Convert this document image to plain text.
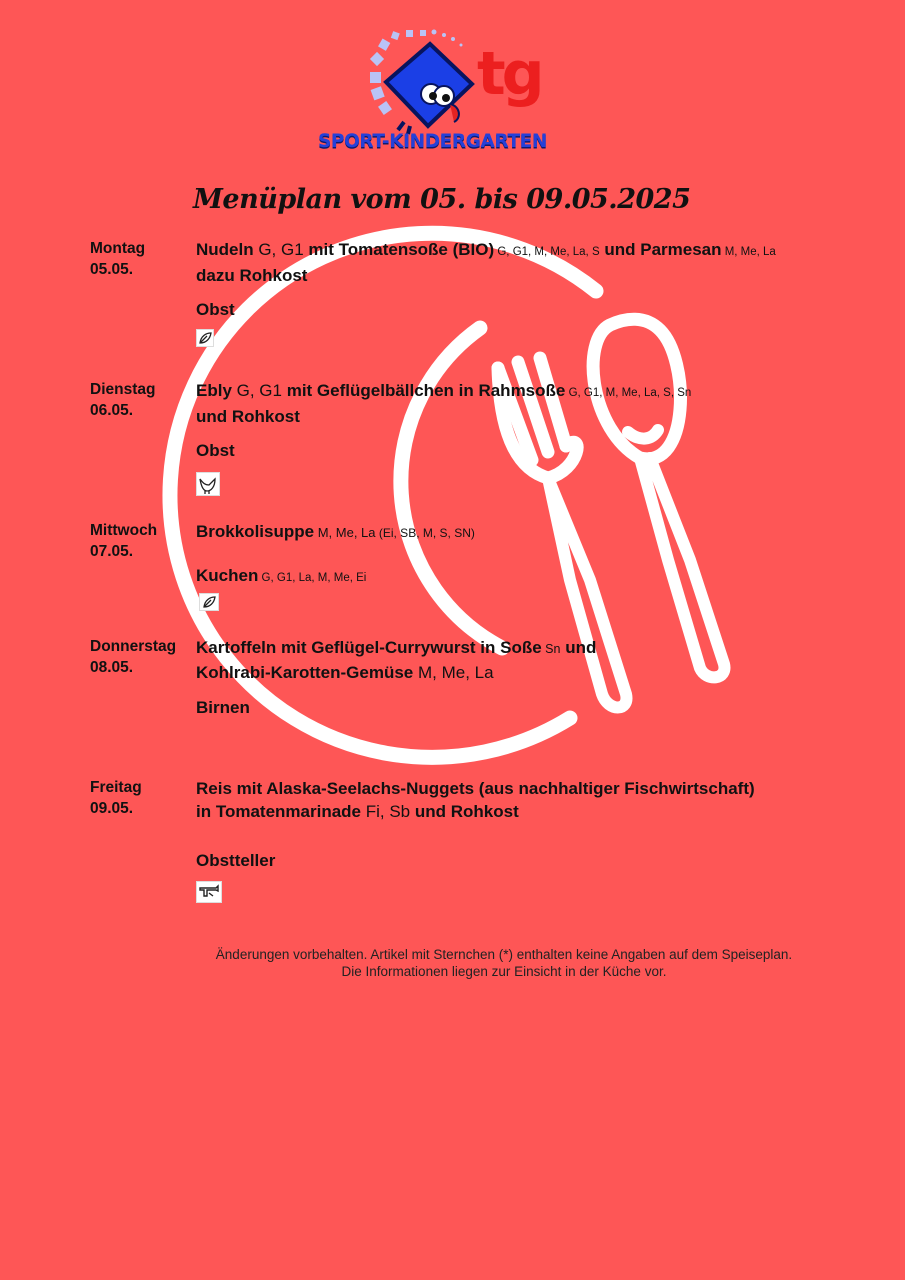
tg
SPORT-KINDERGARTEN
Menüplan vom 05. bis 09.05.2025
Montag
05.05.
Nudeln G, G1 mit Tomatensoße (BIO) G, G1, M, Me, La, S und Parmesan M, Me, La
dazu Rohkost
Obst
Dienstag
06.05.
Ebly G, G1 mit Geflügelbällchen in Rahmsoße G, G1, M, Me, La, S, Sn
und Rohkost
Obst
Mittwoch
07.05.
Brokkolisuppe M, Me, La (Ei, SB, M, S, SN)
Kuchen G, G1, La, M, Me, Ei
Donnerstag
08.05.
Kartoffeln mit Geflügel-Currywurst in Soße Sn und
Kohlrabi-Karotten-Gemüse M, Me, La
Birnen
Freitag
09.05.
Reis mit Alaska-Seelachs-Nuggets (aus nachhaltiger Fischwirtschaft)
in Tomatenmarinade Fi, Sb und Rohkost
Obstteller
Änderungen vorbehalten. Artikel mit Sternchen (*) enthalten keine Angaben auf dem Speiseplan.
Die Informationen liegen zur Einsicht in der Küche vor.
